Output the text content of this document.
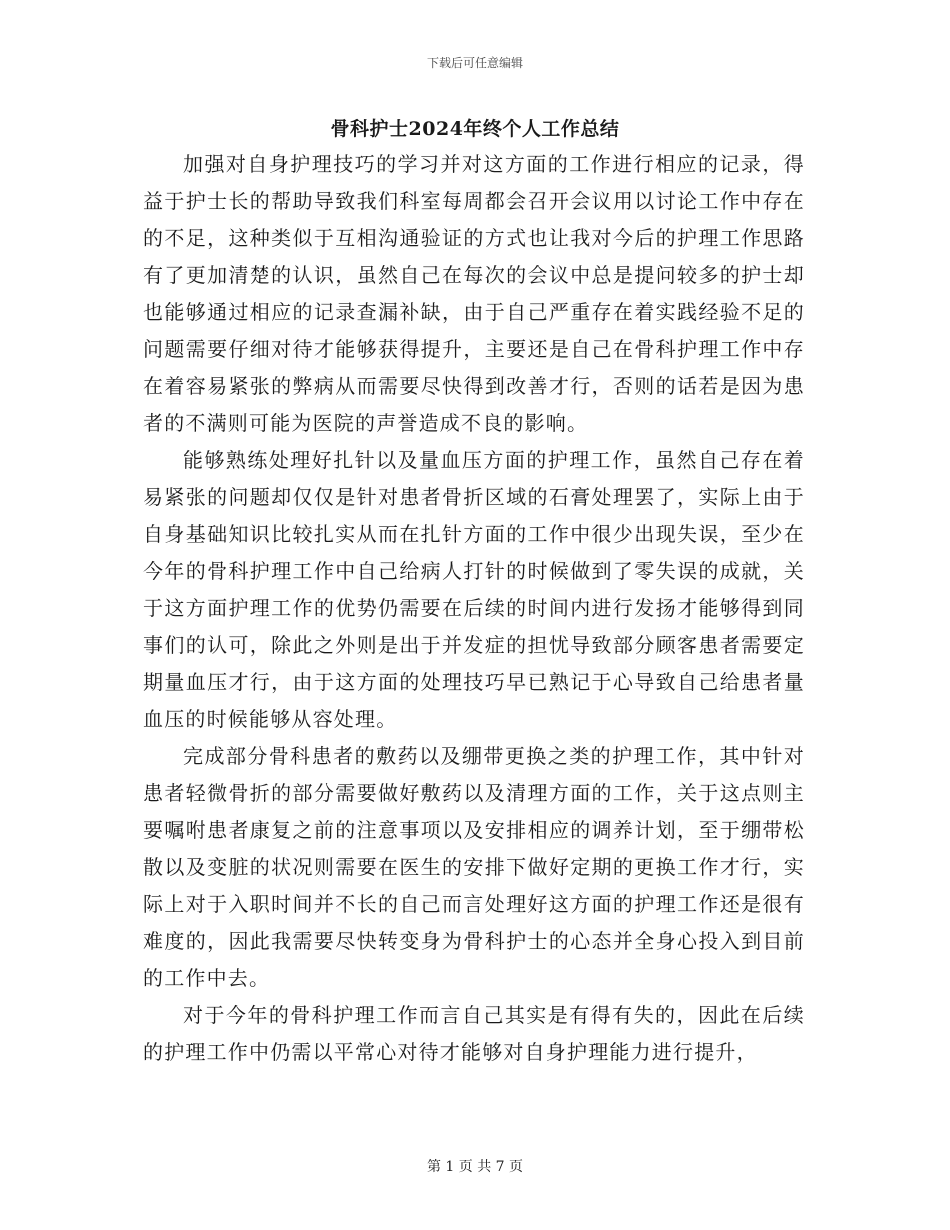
下载后可任意编辑
骨科护士2024年终个人工作总结

加强对自身护理技巧的学习并对这方面的工作进行相应的记录，得益于护士长的帮助导致我们科室每周都会召开会议用以讨论工作中存在的不足，这种类似于互相沟通验证的方式也让我对今后的护理工作思路有了更加清楚的认识，虽然自己在每次的会议中总是提问较多的护士却也能够通过相应的记录查漏补缺，由于自己严重存在着实践经验不足的问题需要仔细对待才能够获得提升，主要还是自己在骨科护理工作中存在着容易紧张的弊病从而需要尽快得到改善才行，否则的话若是因为患者的不满则可能为医院的声誉造成不良的影响。

能够熟练处理好扎针以及量血压方面的护理工作，虽然自己存在着易紧张的问题却仅仅是针对患者骨折区域的石膏处理罢了，实际上由于自身基础知识比较扎实从而在扎针方面的工作中很少出现失误，至少在今年的骨科护理工作中自己给病人打针的时候做到了零失误的成就，关于这方面护理工作的优势仍需要在后续的时间内进行发扬才能够得到同事们的认可，除此之外则是出于并发症的担忧导致部分顾客患者需要定期量血压才行，由于这方面的处理技巧早已熟记于心导致自己给患者量血压的时候能够从容处理。

完成部分骨科患者的敷药以及绷带更换之类的护理工作，其中针对患者轻微骨折的部分需要做好敷药以及清理方面的工作，关于这点则主要嘱咐患者康复之前的注意事项以及安排相应的调养计划，至于绷带松散以及变脏的状况则需要在医生的安排下做好定期的更换工作才行，实际上对于入职时间并不长的自己而言处理好这方面的护理工作还是很有难度的，因此我需要尽快转变身为骨科护士的心态并全身心投入到目前的工作中去。

对于今年的骨科护理工作而言自己其实是有得有失的，因此在后续的护理工作中仍需以平常心对待才能够对自身护理能力进行提升，

第 1 页 共 7 页
